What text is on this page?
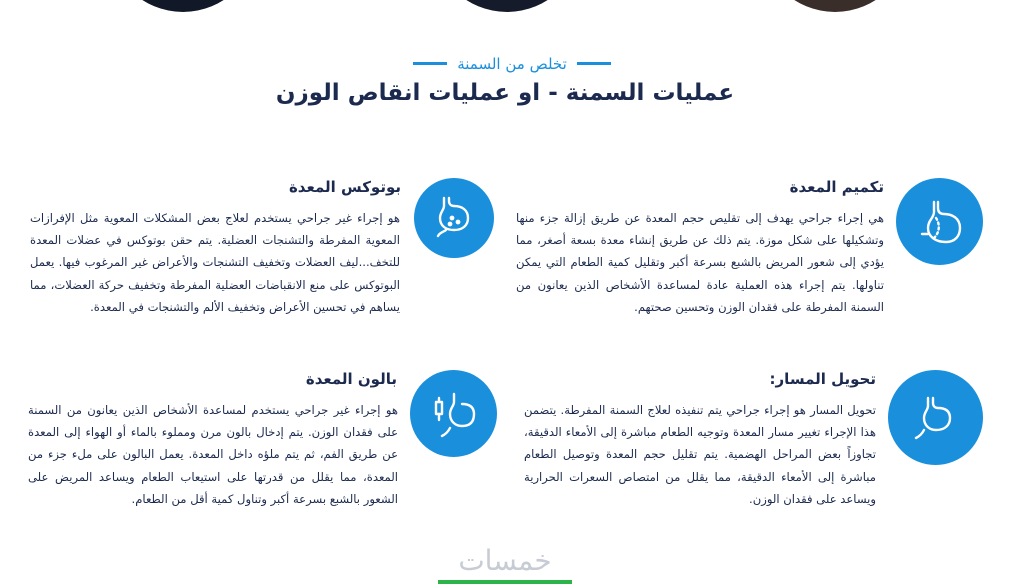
تخلص من السمنة
عمليات السمنة - او عمليات انقاص الوزن
تكميم المعدة
هي إجراء جراحي يهدف إلى تقليص حجم المعدة عن طريق إزالة جزء منها وتشكيلها على شكل موزة. يتم ذلك عن طريق إنشاء معدة بسعة أصغر، مما يؤدي إلى شعور المريض بالشبع بسرعة أكبر وتقليل كمية الطعام التي يمكن تناولها. يتم إجراء هذه العملية عادة لمساعدة الأشخاص الذين يعانون من السمنة المفرطة على فقدان الوزن وتحسين صحتهم.
بوتوكس المعدة
هو إجراء غير جراحي يستخدم لعلاج بعض المشكلات المعوية مثل الإفرازات المعوية المفرطة والتشنجات العضلية. يتم حقن بوتوكس في عضلات المعدة للتخف...ليف العضلات وتخفيف التشنجات والأعراض غير المرغوب فيها. يعمل البوتوكس على منع الانقباضات العضلية المفرطة وتخفيف حركة العضلات، مما يساهم في تحسين الأعراض وتخفيف الألم والتشنجات في المعدة.
تحويل المسار:
تحويل المسار هو إجراء جراحي يتم تنفيذه لعلاج السمنة المفرطة. يتضمن هذا الإجراء تغيير مسار المعدة وتوجيه الطعام مباشرة إلى الأمعاء الدقيقة، تجاوزاً بعض المراحل الهضمية. يتم تقليل حجم المعدة وتوصيل الطعام مباشرة إلى الأمعاء الدقيقة، مما يقلل من امتصاص السعرات الحرارية ويساعد على فقدان الوزن.
بالون المعدة
هو إجراء غير جراحي يستخدم لمساعدة الأشخاص الذين يعانون من السمنة على فقدان الوزن. يتم إدخال بالون مرن ومملوء بالماء أو الهواء إلى المعدة عن طريق الفم، ثم يتم ملؤه داخل المعدة. يعمل البالون على ملء جزء من المعدة، مما يقلل من قدرتها على استيعاب الطعام ويساعد المريض على الشعور بالشبع بسرعة أكبر وتناول كمية أقل من الطعام.
خمسات
